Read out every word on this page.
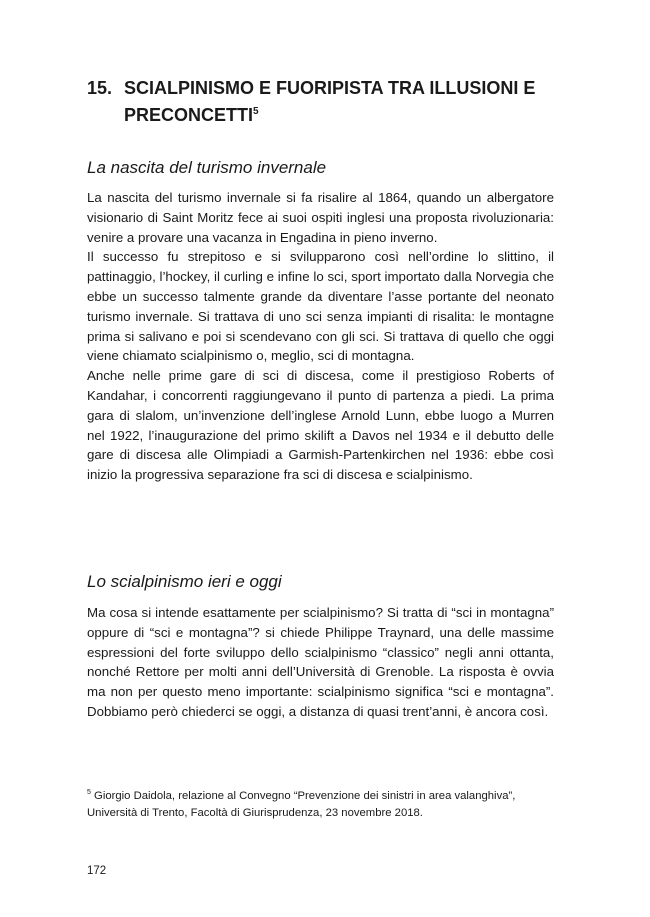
15. SCIALPINISMO E FUORIPISTA TRA ILLUSIONI E PRECONCETTI$^5$
La nascita del turismo invernale

La nascita del turismo invernale si fa risalire al 1864, quando un albergatore visionario di Saint Moritz fece ai suoi ospiti inglesi una proposta rivoluzionaria: venire a provare una vacanza in Engadina in pieno inverno.

Il successo fu strepitoso e si svilupparono così nell’ordine lo slittino, il pattinaggio, l’hockey, il curling e infine lo sci, sport importato dalla Norvegia che ebbe un successo talmente grande da diventare l’asse portante del neonato turismo invernale. Si trattava di uno sci senza impianti di risalita: le montagne prima si salivano e poi si scendevano con gli sci. Si trattava di quello che oggi viene chiamato scialpinismo o, meglio, sci di montagna.

Anche nelle prime gare di sci di discesa, come il prestigioso Roberts of Kandahar, i concorrenti raggiungevano il punto di partenza a piedi. La prima gara di slalom, un’invenzione dell’inglese Arnold Lunn, ebbe luogo a Murren nel 1922, l’inaugurazione del primo skilift a Davos nel 1934 e il debutto delle gare di discesa alle Olimpiadi a Garmish-Partenkirchen nel 1936: ebbe così inizio la progressiva separazione fra sci di discesa e scialpinismo.

Lo scialpinismo ieri e oggi

Ma cosa si intende esattamente per scialpinismo? Si tratta di “sci in montagna” oppure di “sci e montagna”? si chiede Philippe Traynard, una delle massime espressioni del forte sviluppo dello scialpinismo “classico” negli anni ottanta, nonché Rettore per molti anni dell’Università di Grenoble. La risposta è ovvia ma non per questo meno importante: scialpinismo significa “sci e montagna”. Dobbiamo però chiederci se oggi, a distanza di quasi trent’anni, è ancora così.

$^5$ Giorgio Daidola, relazione al Convegno “Prevenzione dei sinistri in area valanghiva”, Università di Trento, Facoltà di Giurisprudenza, 23 novembre 2018.
172
